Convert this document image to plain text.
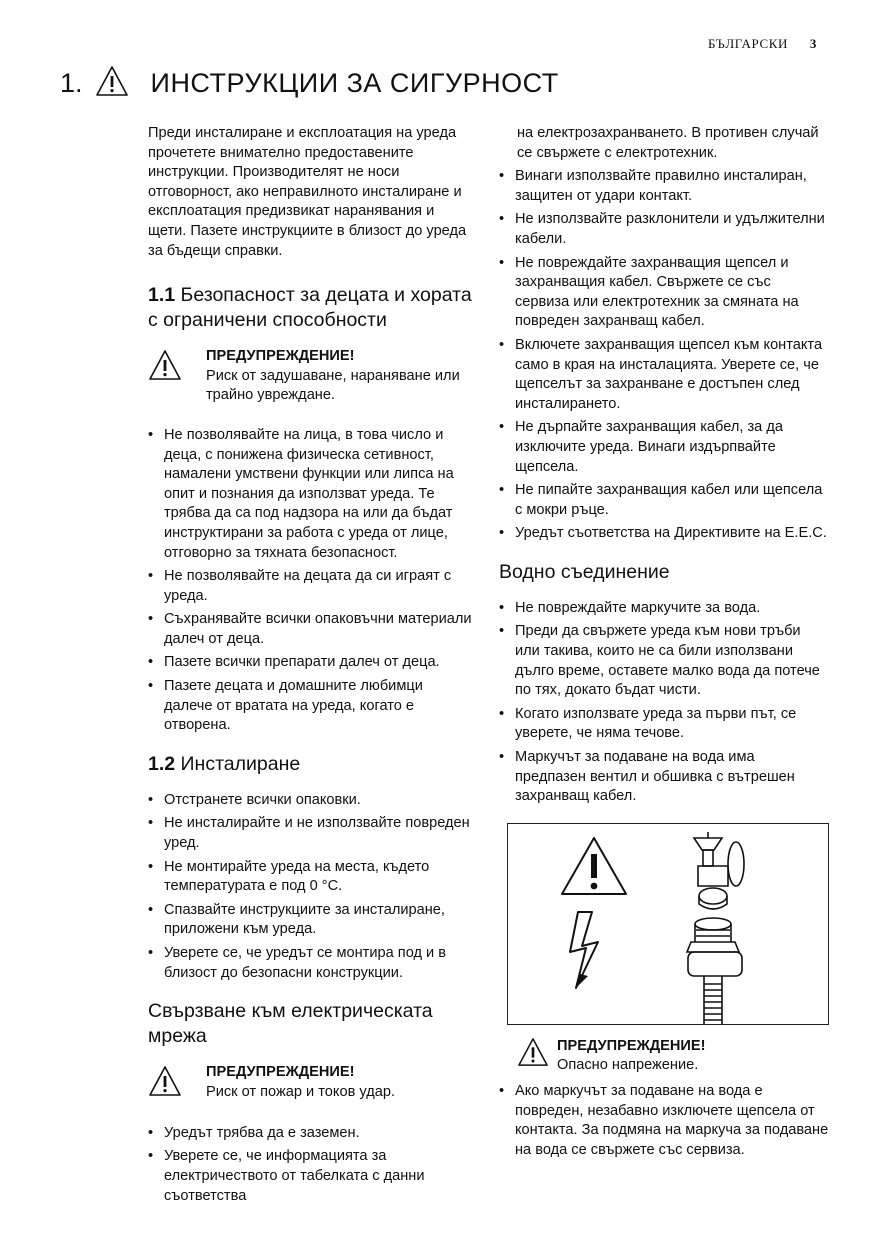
БЪЛГАРСКИ 3
1.	ИНСТРУКЦИИ ЗА СИГУРНОСТ

Преди инсталиране и експлоатация на уреда прочетете внимателно предоставените инструкции. Производителят не носи отговорност, ако неправилното инсталиране и експлоатация предизвикат наранявания и щети. Пазете инструкциите в близост до уреда за бъдещи справки.

1.1 Безопасност за децата и хората с ограничени способности
ПРЕДУПРЕЖДЕНИЕ!
Риск от задушаване, нараняване или трайно увреждане.
• Не позволявайте на лица, в това число и деца, с понижена физическа сетивност, намалени умствени функции или липса на опит и познания да използват уреда. Те трябва да са под надзора на или да бъдат инструктирани за работа с уреда от лице, отговорно за тяхната безопасност.
• Не позволявайте на децата да си играят с уреда.
• Съхранявайте всички опаковъчни материали далеч от деца.
• Пазете всички препарати далеч от деца.
• Пазете децата и домашните любимци далече от вратата на уреда, когато е отворена.
1.2 Инсталиране
• Отстранете всички опаковки.
• Не инсталирайте и не използвайте повреден уред.
• Не монтирайте уреда на места, където температурата е под 0 °C.
• Спазвайте инструкциите за инсталиране, приложени към уреда.
• Уверете се, че уредът се монтира под и в близост до безопасни конструкции.
Свързване към електрическата мрежа
ПРЕДУПРЕЖДЕНИЕ!
Риск от пожар и токов удар.
• Уредът трябва да е заземен.
• Уверете се, че информацията за електричеството от табелката с данни съответства
на електрозахранването. В противен случай се свържете с електротехник.
• Винаги използвайте правилно инсталиран, защитен от удари контакт.
• Не използвайте разклонители и удължителни кабели.
• Не повреждайте захранващия щепсел и захранващия кабел. Свържете се със сервиза или електротехник за смяната на повреден захранващ кабел.
• Включете захранващия щепсел към контакта само в края на инсталацията. Уверете се, че щепселът за захранване е достъпен след инсталирането.
• Не дърпайте захранващия кабел, за да изключите уреда. Винаги издърпвайте щепсела.
• Не пипайте захранващия кабел или щепсела с мокри ръце.
• Уредът съответства на Директивите на E.E.C.
Водно съединение
• Не повреждайте маркучите за вода.
• Преди да свържете уреда към нови тръби или такива, които не са били използвани дълго време, оставете малко вода да потече по тях, докато бъдат чисти.
• Когато използвате уреда за първи път, се уверете, че няма течове.
• Маркучът за подаване на вода има предпазен вентил и обшивка с вътрешен захранващ кабел.
ПРЕДУПРЕЖДЕНИЕ!
Опасно напрежение.
• Ако маркучът за подаване на вода е повреден, незабавно изключете щепсела от контакта. За подмяна на маркуча за подаване на вода се свържете със сервиза.
